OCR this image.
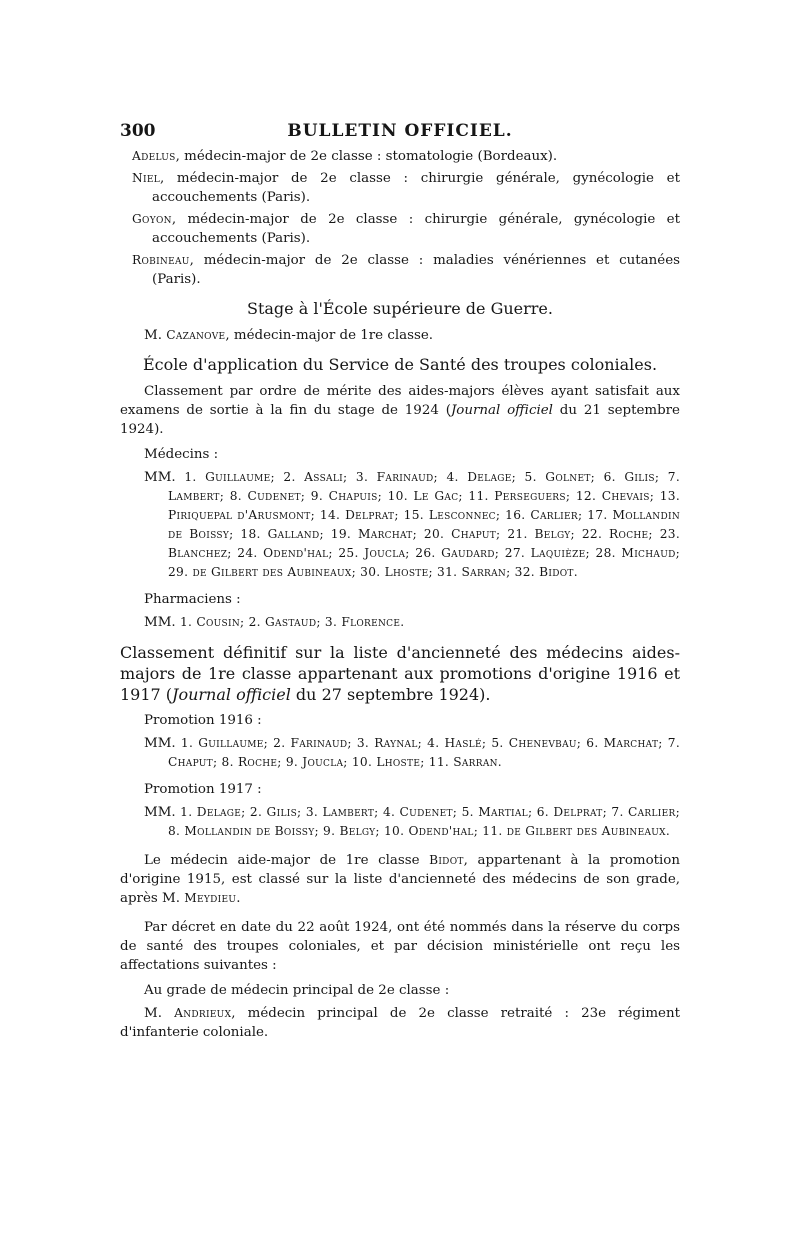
300	BULLETIN OFFICIEL.

Adelus, médecin-major de 2e classe : stomatologie (Bordeaux).

Niel, médecin-major de 2e classe : chirurgie générale, gynécologie et accouchements (Paris).

Goyon, médecin-major de 2e classe : chirurgie générale, gynécologie et accouchements (Paris).

Robineau, médecin-major de 2e classe : maladies vénériennes et cutanées (Paris).

Stage à l'École supérieure de Guerre.

M. Cazanove, médecin-major de 1re classe.

École d'application du Service de Santé des troupes coloniales.

Classement par ordre de mérite des aides-majors élèves ayant satisfait aux examens de sortie à la fin du stage de 1924 (Journal officiel du 21 septembre 1924).

Médecins :

MM. 1. Guillaume; 2. Assali; 3. Farinaud; 4. Delage; 5. Golnet; 6. Gilis; 7. Lambert; 8. Cudenet; 9. Chapuis; 10. Le Gac; 11. Perseguers; 12. Chevais; 13. Piriquepal d'Arusmont; 14. Delprat; 15. Lesconnec; 16. Carlier; 17. Mollandin de Boissy; 18. Galland; 19. Marchat; 20. Chaput; 21. Belgy; 22. Roche; 23. Blanchez; 24. Odend'hal; 25. Joucla; 26. Gaudard; 27. Laquièze; 28. Michaud; 29. de Gilbert des Aubineaux; 30. Lhoste; 31. Sarran; 32. Bidot.

Pharmaciens :

MM. 1. Cousin; 2. Gastaud; 3. Florence.

Classement définitif sur la liste d'ancienneté des médecins aides-majors de 1re classe appartenant aux promotions d'origine 1916 et 1917 (Journal officiel du 27 septembre 1924).

Promotion 1916 :

MM. 1. Guillaume; 2. Farinaud; 3. Raynal; 4. Haslé; 5. Chenevbau; 6. Marchat; 7. Chaput; 8. Roche; 9. Joucla; 10. Lhoste; 11. Sarran.

Promotion 1917 :

MM. 1. Delage; 2. Gilis; 3. Lambert; 4. Cudenet; 5. Martial; 6. Delprat; 7. Carlier; 8. Mollandin de Boissy; 9. Belgy; 10. Odend'hal; 11. de Gilbert des Aubineaux.

Le médecin aide-major de 1re classe Bidot, appartenant à la promotion d'origine 1915, est classé sur la liste d'ancienneté des médecins de son grade, après M. Meydieu.

Par décret en date du 22 août 1924, ont été nommés dans la réserve du corps de santé des troupes coloniales, et par décision ministérielle ont reçu les affectations suivantes :

Au grade de médecin principal de 2e classe :

M. Andrieux, médecin principal de 2e classe retraité : 23e régiment d'infanterie coloniale.
